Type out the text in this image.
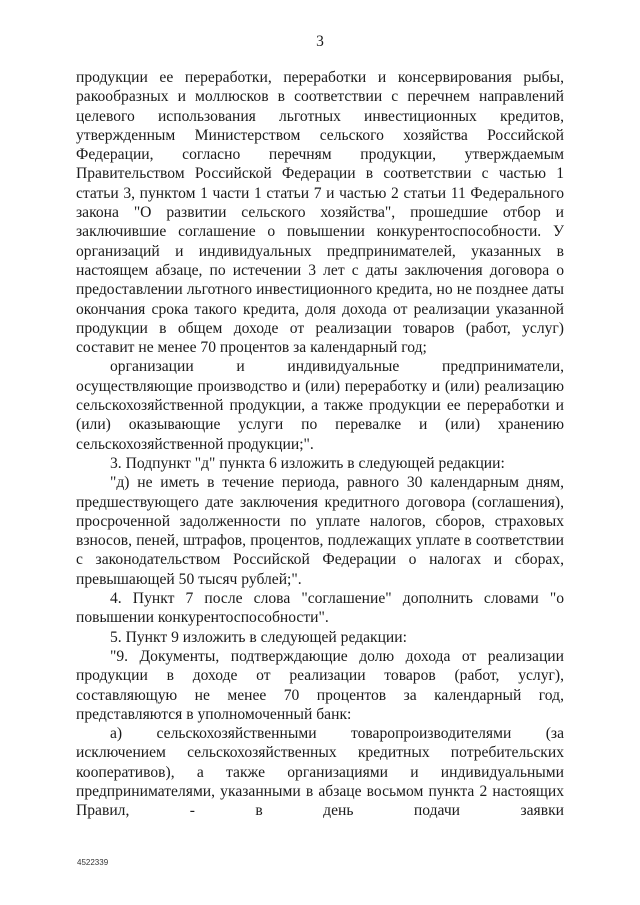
3

продукции ее переработки, переработки и консервирования рыбы, ракообразных и моллюсков в соответствии с перечнем направлений целевого использования льготных инвестиционных кредитов, утвержденным Министерством сельского хозяйства Российской Федерации, согласно перечням продукции, утверждаемым Правительством Российской Федерации в соответствии с частью 1 статьи 3, пунктом 1 части 1 статьи 7 и частью 2 статьи 11 Федерального закона "О развитии сельского хозяйства", прошедшие отбор и заключившие соглашение о повышении конкурентоспособности. У организаций и индивидуальных предпринимателей, указанных в настоящем абзаце, по истечении 3 лет с даты заключения договора о предоставлении льготного инвестиционного кредита, но не позднее даты окончания срока такого кредита, доля дохода от реализации указанной продукции в общем доходе от реализации товаров (работ, услуг) составит не менее 70 процентов за календарный год;

организации и индивидуальные предприниматели, осуществляющие производство и (или) переработку и (или) реализацию сельскохозяйственной продукции, а также продукции ее переработки и (или) оказывающие услуги по перевалке и (или) хранению сельскохозяйственной продукции;".

3. Подпункт "д" пункта 6 изложить в следующей редакции:

"д) не иметь в течение периода, равного 30 календарным дням, предшествующего дате заключения кредитного договора (соглашения), просроченной задолженности по уплате налогов, сборов, страховых взносов, пеней, штрафов, процентов, подлежащих уплате в соответствии с законодательством Российской Федерации о налогах и сборах, превышающей 50 тысяч рублей;".

4. Пункт 7 после слова "соглашение" дополнить словами "о повышении конкурентоспособности".

5. Пункт 9 изложить в следующей редакции:

"9. Документы, подтверждающие долю дохода от реализации продукции в доходе от реализации товаров (работ, услуг), составляющую не менее 70 процентов за календарный год, представляются в уполномоченный банк:

а) сельскохозяйственными товаропроизводителями (за исключением сельскохозяйственных кредитных потребительских кооперативов), а также организациями и индивидуальными предпринимателями, указанными в абзаце восьмом пункта 2 настоящих Правил, - в день подачи заявки

4522339
